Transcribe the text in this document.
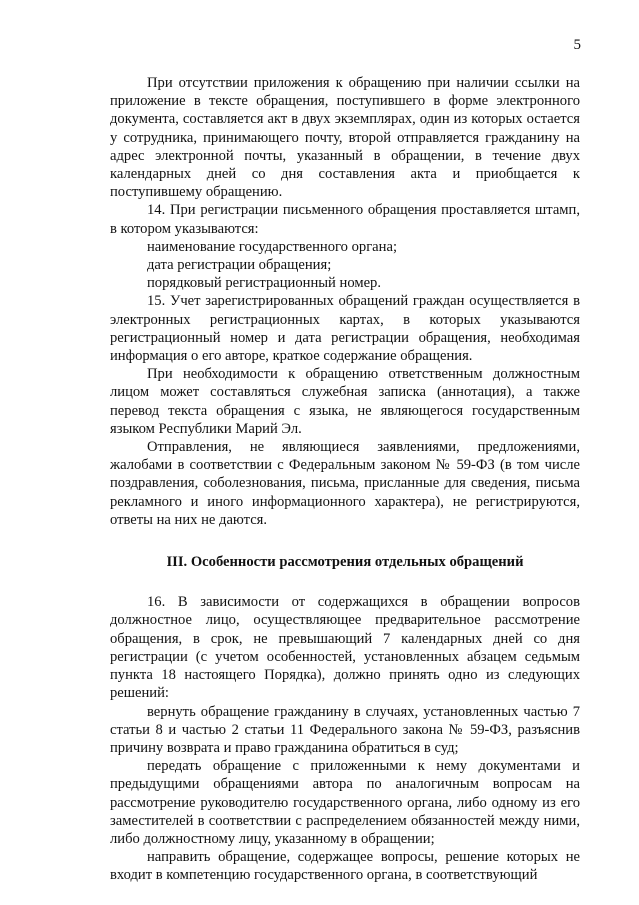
5

При отсутствии приложения к обращению при наличии ссылки на приложение в тексте обращения, поступившего в форме электронного документа, составляется акт в двух экземплярах, один из которых остается у сотрудника, принимающего почту, второй отправляется гражданину на адрес электронной почты, указанный в обращении, в течение двух календарных дней со дня составления акта и приобщается к поступившему обращению.

14. При регистрации письменного обращения проставляется штамп, в котором указываются:

наименование государственного органа;

дата регистрации обращения;

порядковый регистрационный номер.

15. Учет зарегистрированных обращений граждан осуществляется в электронных регистрационных картах, в которых указываются регистрационный номер и дата регистрации обращения, необходимая информация о его авторе, краткое содержание обращения.

При необходимости к обращению ответственным должностным лицом может составляться служебная записка (аннотация), а также перевод текста обращения с языка, не являющегося государственным языком Республики Марий Эл.

Отправления, не являющиеся заявлениями, предложениями, жалобами в соответствии с Федеральным законом № 59-ФЗ (в том числе поздравления, соболезнования, письма, присланные для сведения, письма рекламного и иного информационного характера), не регистрируются, ответы на них не даются.

III. Особенности рассмотрения отдельных обращений

16. В зависимости от содержащихся в обращении вопросов должностное лицо, осуществляющее предварительное рассмотрение обращения, в срок, не превышающий 7 календарных дней со дня регистрации (с учетом особенностей, установленных абзацем седьмым пункта 18 настоящего Порядка), должно принять одно из следующих решений:

вернуть обращение гражданину в случаях, установленных частью 7 статьи 8 и частью 2 статьи 11 Федерального закона № 59-ФЗ, разъяснив причину возврата и право гражданина обратиться в суд;

передать обращение с приложенными к нему документами и предыдущими обращениями автора по аналогичным вопросам на рассмотрение руководителю государственного органа, либо одному из его заместителей в соответствии с распределением обязанностей между ними, либо должностному лицу, указанному в обращении;

направить обращение, содержащее вопросы, решение которых не входит в компетенцию государственного органа, в соответствующий
